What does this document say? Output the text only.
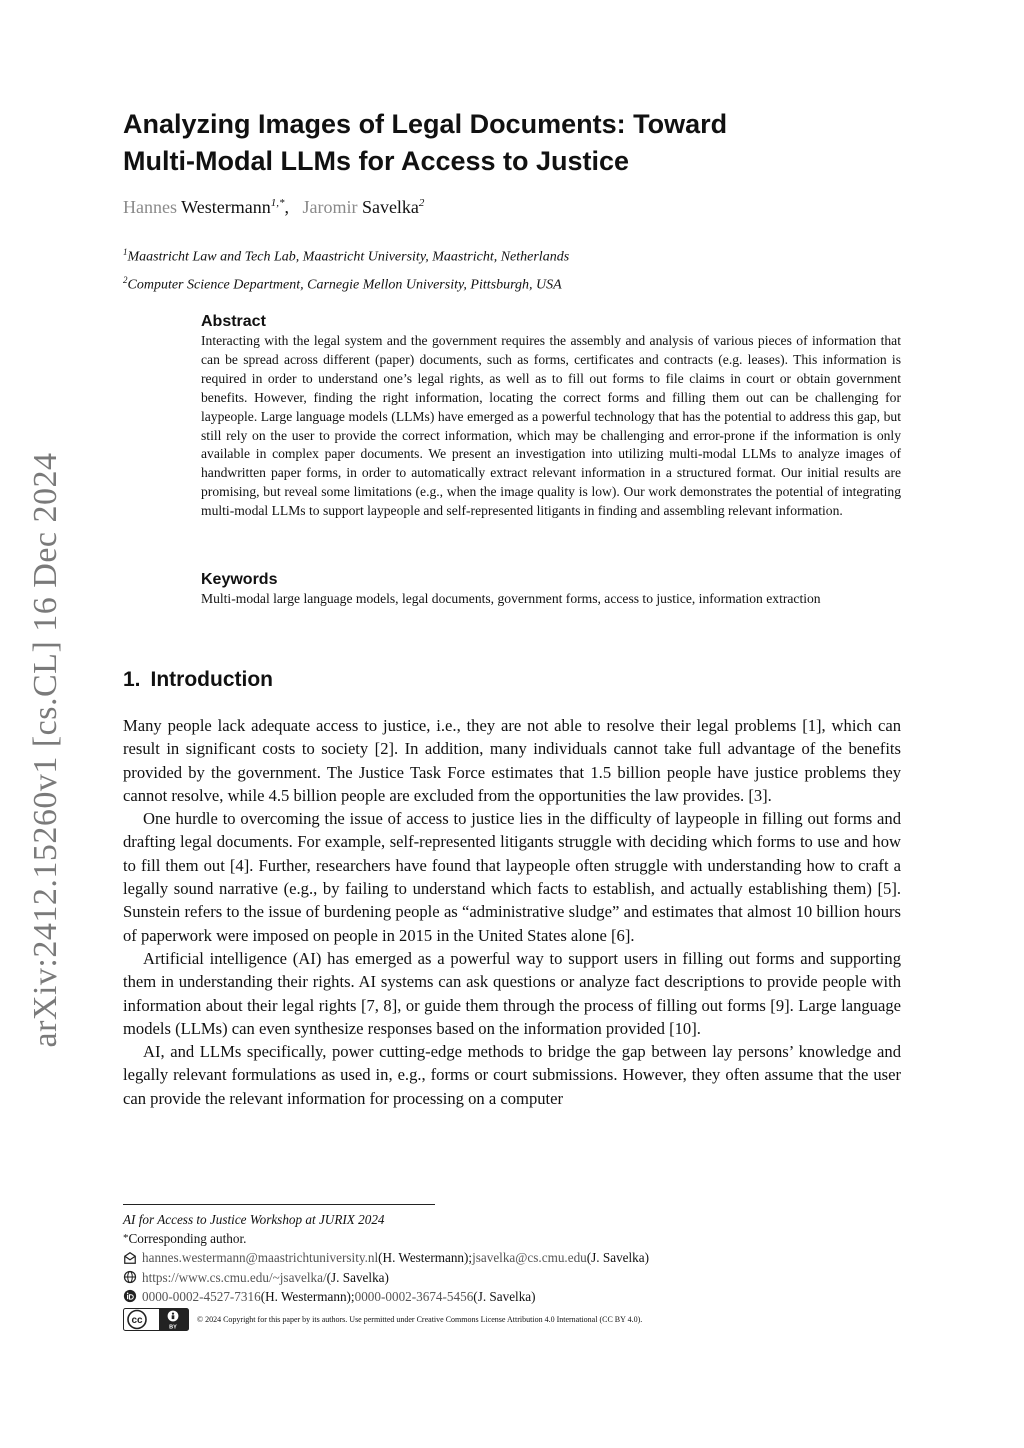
arXiv:2412.15260v1 [cs.CL] 16 Dec 2024
Analyzing Images of Legal Documents: Toward
Multi-Modal LLMs for Access to Justice
Hannes Westermann$^{1,*}$,   Jaromir Savelka$^2$
$^1$Maastricht Law and Tech Lab, Maastricht University, Maastricht, Netherlands
$^2$Computer Science Department, Carnegie Mellon University, Pittsburgh, USA
Abstract

Interacting with the legal system and the government requires the assembly and analysis of various pieces of information that can be spread across different (paper) documents, such as forms, certificates and contracts (e.g. leases). This information is required in order to understand one’s legal rights, as well as to fill out forms to file claims in court or obtain government benefits. However, finding the right information, locating the correct forms and filling them out can be challenging for laypeople. Large language models (LLMs) have emerged as a powerful technology that has the potential to address this gap, but still rely on the user to provide the correct information, which may be challenging and error-prone if the information is only available in complex paper documents. We present an investigation into utilizing multi-modal LLMs to analyze images of handwritten paper forms, in order to automatically extract relevant information in a structured format. Our initial results are promising, but reveal some limitations (e.g., when the image quality is low). Our work demonstrates the potential of integrating multi-modal LLMs to support laypeople and self-represented litigants in finding and assembling relevant information.

Keywords

Multi-modal large language models, legal documents, government forms, access to justice, information extraction

1. Introduction

Many people lack adequate access to justice, i.e., they are not able to resolve their legal problems [1], which can result in significant costs to society [2]. In addition, many individuals cannot take full advantage of the benefits provided by the government. The Justice Task Force estimates that 1.5 billion people have justice problems they cannot resolve, while 4.5 billion people are excluded from the opportunities the law provides. [3].

One hurdle to overcoming the issue of access to justice lies in the difficulty of laypeople in filling out forms and drafting legal documents. For example, self-represented litigants struggle with deciding which forms to use and how to fill them out [4]. Further, researchers have found that laypeople often struggle with understanding how to craft a legally sound narrative (e.g., by failing to understand which facts to establish, and actually establishing them) [5]. Sunstein refers to the issue of burdening people as “administrative sludge” and estimates that almost 10 billion hours of paperwork were imposed on people in 2015 in the United States alone [6].

Artificial intelligence (AI) has emerged as a powerful way to support users in filling out forms and supporting them in understanding their rights. AI systems can ask questions or analyze fact descriptions to provide people with information about their legal rights [7, 8], or guide them through the process of filling out forms [9]. Large language models (LLMs) can even synthesize responses based on the information provided [10].

AI, and LLMs specifically, power cutting-edge methods to bridge the gap between lay persons’ knowledge and legally relevant formulations as used in, e.g., forms or court submissions. However, they often assume that the user can provide the relevant information for processing on a computer

AI for Access to Justice Workshop at JURIX 2024
* Corresponding author.
hannes.westermann@maastrichtuniversity.nl (H. Westermann); jsavelka@cs.cmu.edu (J. Savelka)
https://www.cs.cmu.edu/~jsavelka/ (J. Savelka)
0000-0002-4527-7316 (H. Westermann); 0000-0002-3674-5456 (J. Savelka)
cc
BY
© 2024 Copyright for this paper by its authors. Use permitted under Creative Commons License Attribution 4.0 International (CC BY 4.0).
